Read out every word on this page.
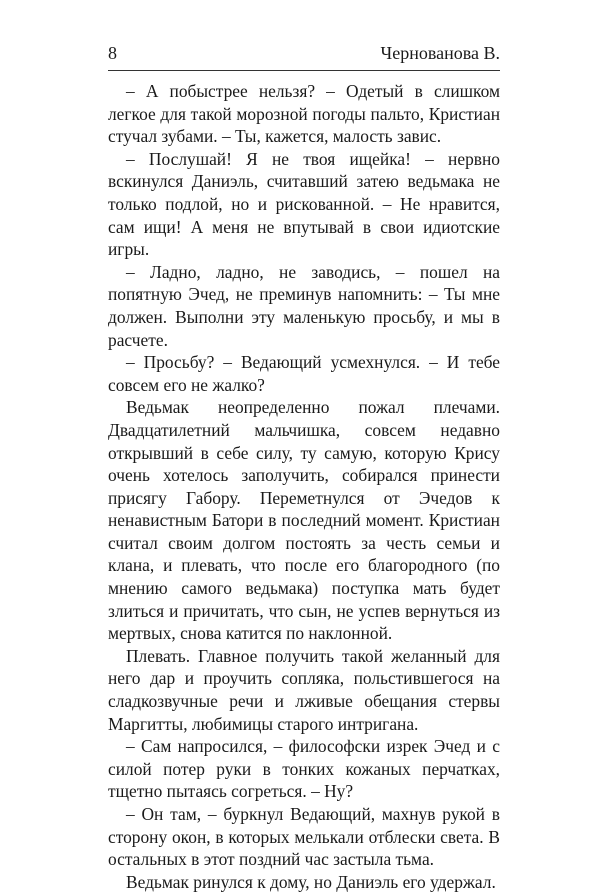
8	Чернованова В.

– А побыстрее нельзя? – Одетый в слишком легкое для такой морозной погоды пальто, Кристиан стучал зубами. – Ты, кажется, малость завис.

– Послушай! Я не твоя ищейка! – нервно вскинулся Даниэль, считавший затею ведьмака не только подлой, но и рискованной. – Не нравится, сам ищи! А меня не впутывай в свои идиотские игры.

– Ладно, ладно, не заводись, – пошел на попятную Эчед, не преминув напомнить: – Ты мне должен. Выполни эту маленькую просьбу, и мы в расчете.

– Просьбу? – Ведающий усмехнулся. – И тебе совсем его не жалко?

Ведьмак неопределенно пожал плечами. Двадцатилетний мальчишка, совсем недавно открывший в себе силу, ту самую, которую Крису очень хотелось заполучить, собирался принести присягу Габору. Переметнулся от Эчедов к ненавистным Батори в последний момент. Кристиан считал своим долгом постоять за честь семьи и клана, и плевать, что после его благородного (по мнению самого ведьмака) поступка мать будет злиться и причитать, что сын, не успев вернуться из мертвых, снова катится по наклонной.

Плевать. Главное получить такой желанный для него дар и проучить сопляка, польстившегося на сладкозвучные речи и лживые обещания стервы Маргитты, любимицы старого интригана.

– Сам напросился, – философски изрек Эчед и с силой потер руки в тонких кожаных перчатках, тщетно пытаясь согреться. – Ну?

– Он там, – буркнул Ведающий, махнув рукой в сторону окон, в которых мелькали отблески света. В остальных в этот поздний час застыла тьма.

Ведьмак ринулся к дому, но Даниэль его удержал.
